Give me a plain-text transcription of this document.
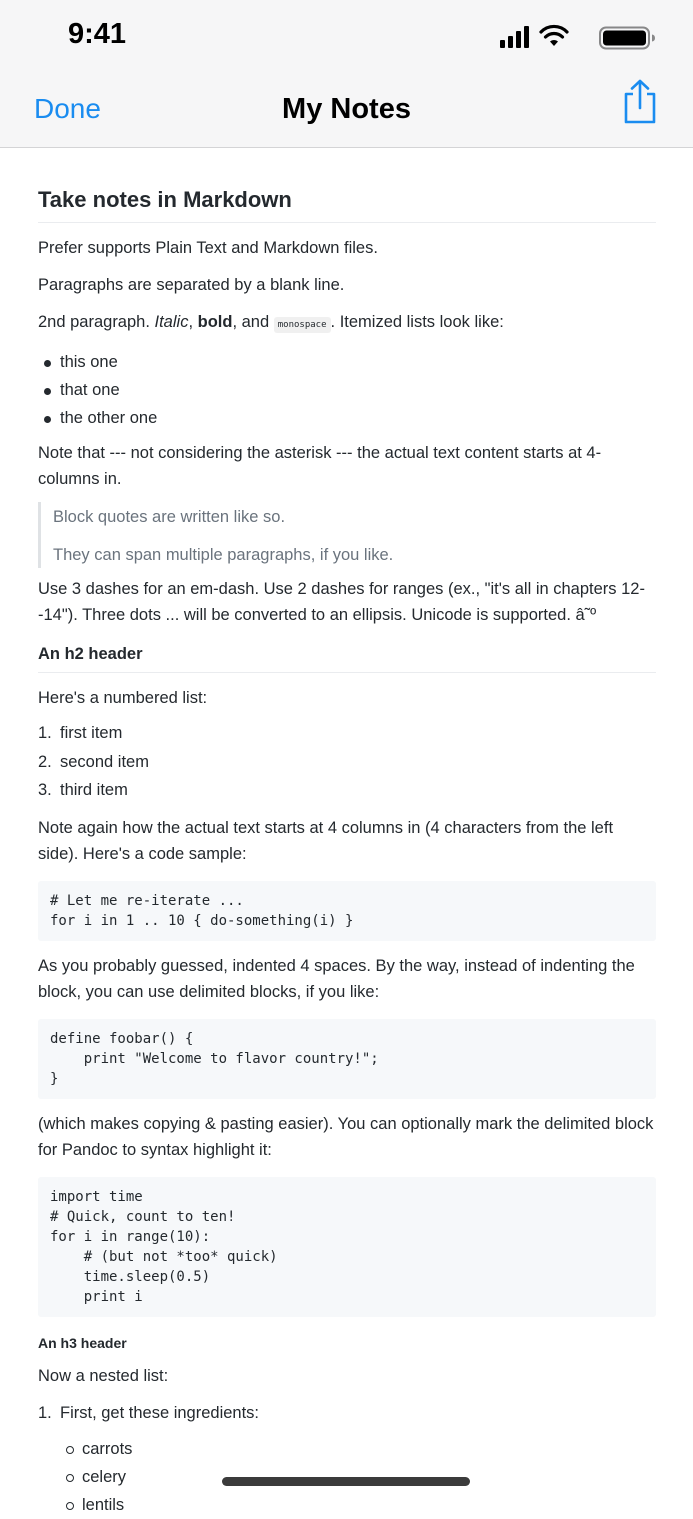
9:41
Done	My Notes
Take notes in Markdown

Prefer supports Plain Text and Markdown files.

Paragraphs are separated by a blank line.

2nd paragraph. Italic, bold, and monospace . Itemized lists look like:

this one
that one
the other one

Note that --- not considering the asterisk --- the actual text content starts at 4-columns in.

Block quotes are written like so.

They can span multiple paragraphs, if you like.

Use 3 dashes for an em-dash. Use 2 dashes for ranges (ex., "it's all in chapters 12--14"). Three dots ... will be converted to an ellipsis. Unicode is supported. â˜º

An h2 header

Here's a numbered list:

1. first item
2. second item
3. third item

Note again how the actual text starts at 4 columns in (4 characters from the left side). Here's a code sample:

# Let me re-iterate ...
for i in 1 .. 10 { do-something(i) }

As you probably guessed, indented 4 spaces. By the way, instead of indenting the block, you can use delimited blocks, if you like:

define foobar() {
print "Welcome to flavor country!";
}

(which makes copying & pasting easier). You can optionally mark the delimited block for Pandoc to syntax highlight it:

import time
# Quick, count to ten!
for i in range(10):
# (but not *too* quick)
time.sleep(0.5)
print i
An h3 header

Now a nested list:

1. First, get these ingredients:
carrots
celery
lentils
